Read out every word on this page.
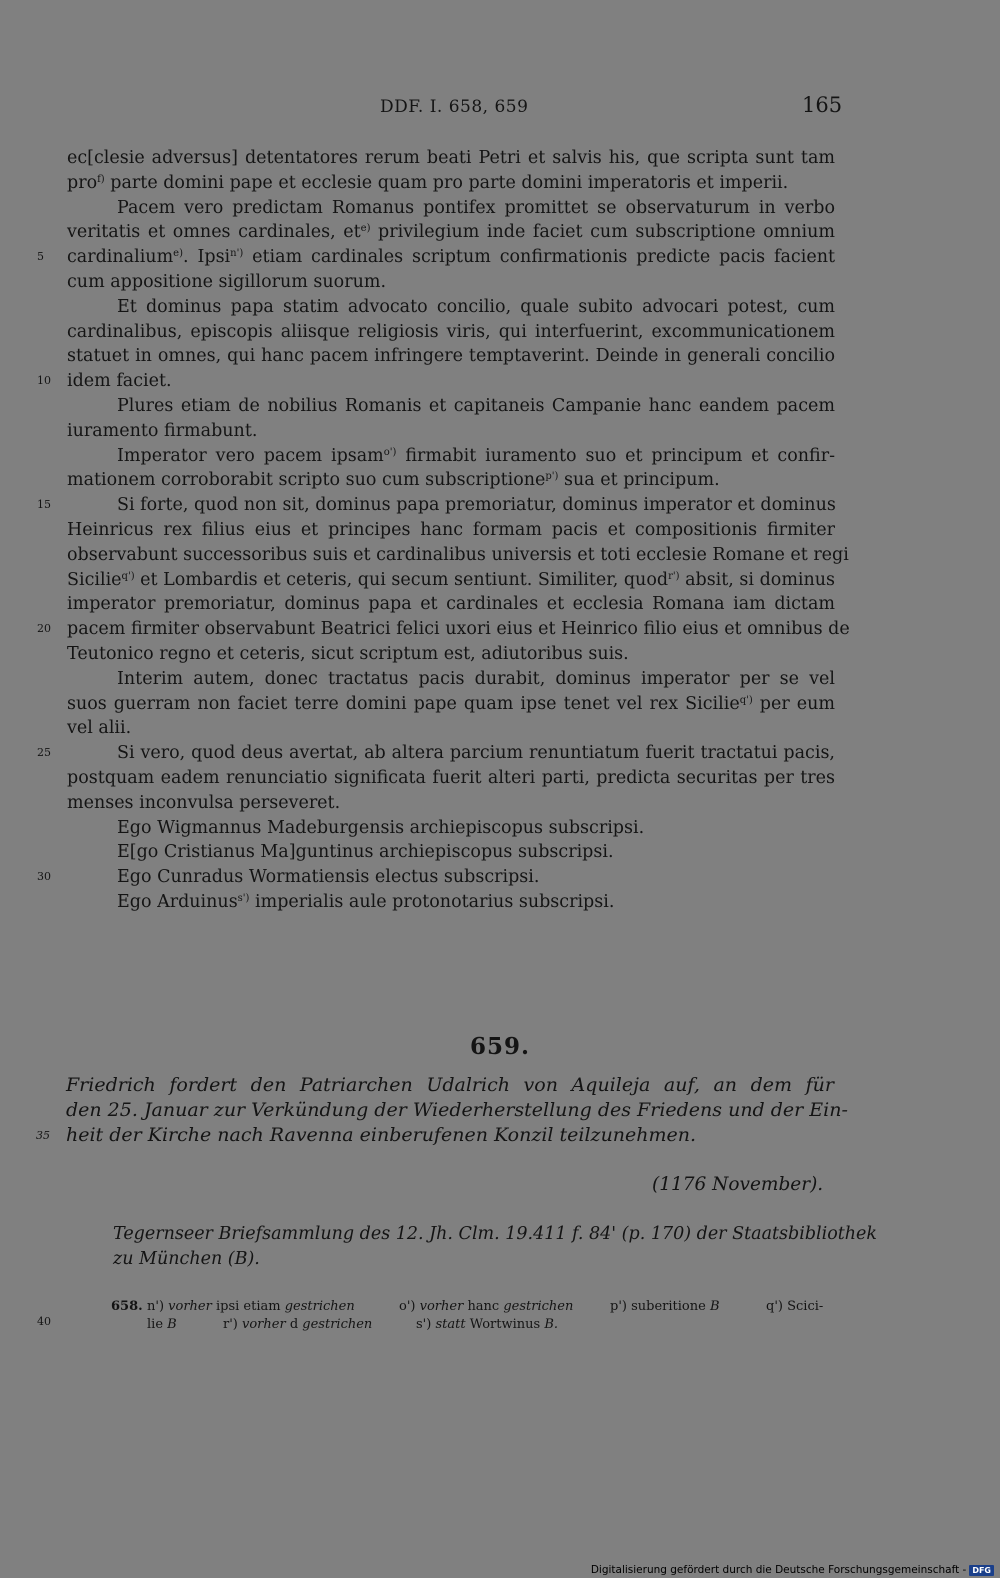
DDF. I. 658, 659	165
ec[clesie adversus] detentatores rerum beati Petri et salvis his, que scripta sunt tam
pro$^{f)}$ parte domini pape et ecclesie quam pro parte domini imperatoris et imperii.
Pacem vero predictam Romanus pontifex promittet se observaturum in verbo
veritatis et omnes cardinales, $et^{e)}$ privilegium inde faciet cum subscriptione omnium
5	cardinalium$^{e)}$. Ipsi$^{n')}$ etiam cardinales scriptum confirmationis predicte pacis facient
cum appositione sigillorum suorum.
Et dominus papa statim advocato concilio, quale subito advocari potest, cum
cardinalibus, episcopis aliisque religiosis viris, qui interfuerint, excommunicationem
statuet in omnes, qui hanc pacem infringere temptaverint. Deinde in generali concilio
10 idem faciet.
Plures etiam de nobilius Romanis et capitaneis Campanie hanc eandem pacem
iuramento firmabunt.
Imperator vero pacem ipsam$^{o')}$ firmabit iuramento suo et principum et confir-
mationem corroborabit scripto suo cum subscriptione$^{p')}$ sua et principum.
15	Si forte, quod non sit, dominus papa premoriatur, dominus imperator et dominus
Heinricus rex filius eius et principes hanc formam pacis et compositionis firmiter
observabunt successoribus suis et cardinalibus universis et toti ecclesie Romane et regi
Sicilie$^{q')}$ et Lombardis et ceteris, qui secum sentiunt. Similiter, quod$^{r')}$ absit, si dominus
imperator premoriatur, dominus papa et cardinales et ecclesia Romana iam dictam
20 pacem firmiter observabunt Beatrici felici uxori eius et Heinrico filio eius et omnibus de
Teutonico regno et ceteris, sicut scriptum est, adiutoribus suis.
Interim autem, donec tractatus pacis durabit, dominus imperator per se vel
suos guerram non faciet terre domini pape quam ipse tenet vel rex Sicilie$^{q')}$ per eum
vel alii.
25	Si vero, quod deus avertat, ab altera parcium renuntiatum fuerit tractatui pacis,
postquam eadem renunciatio significata fuerit alteri parti, predicta securitas per tres
menses inconvulsa perseveret.
Ego Wigmannus Madeburgensis archiepiscopus subscripsi.
E[go Cristianus Ma]guntinus archiepiscopus subscripsi.
30	Ego Cunradus Wormatiensis electus subscripsi.
Ego Arduinus$^{s')}$ imperialis aule protonotarius subscripsi.
659.
Friedrich fordert den Patriarchen Udalrich von Aquileja auf, an dem für
den 25. Januar zur Verkündung der Wiederherstellung des Friedens und der Ein-
35 heit der Kirche nach Ravenna einberufenen Konzil teilzunehmen.
(1176 November).
Tegernseer Briefsammlung des 12. Jh. Clm. 19.411 f. 84' (p. 170) der Staatsbibliothek
zu München (B).
40
658. n') vorher ipsi etiam gestrichen	o') vorher hanc gestrichen	p') suberitione B	q') Scici-
lie B	r') vorher d gestrichen	s') statt Wortwinus B.
Digitalisierung gefördert durch die Deutsche Forschungsgemeinschaft - DFG
